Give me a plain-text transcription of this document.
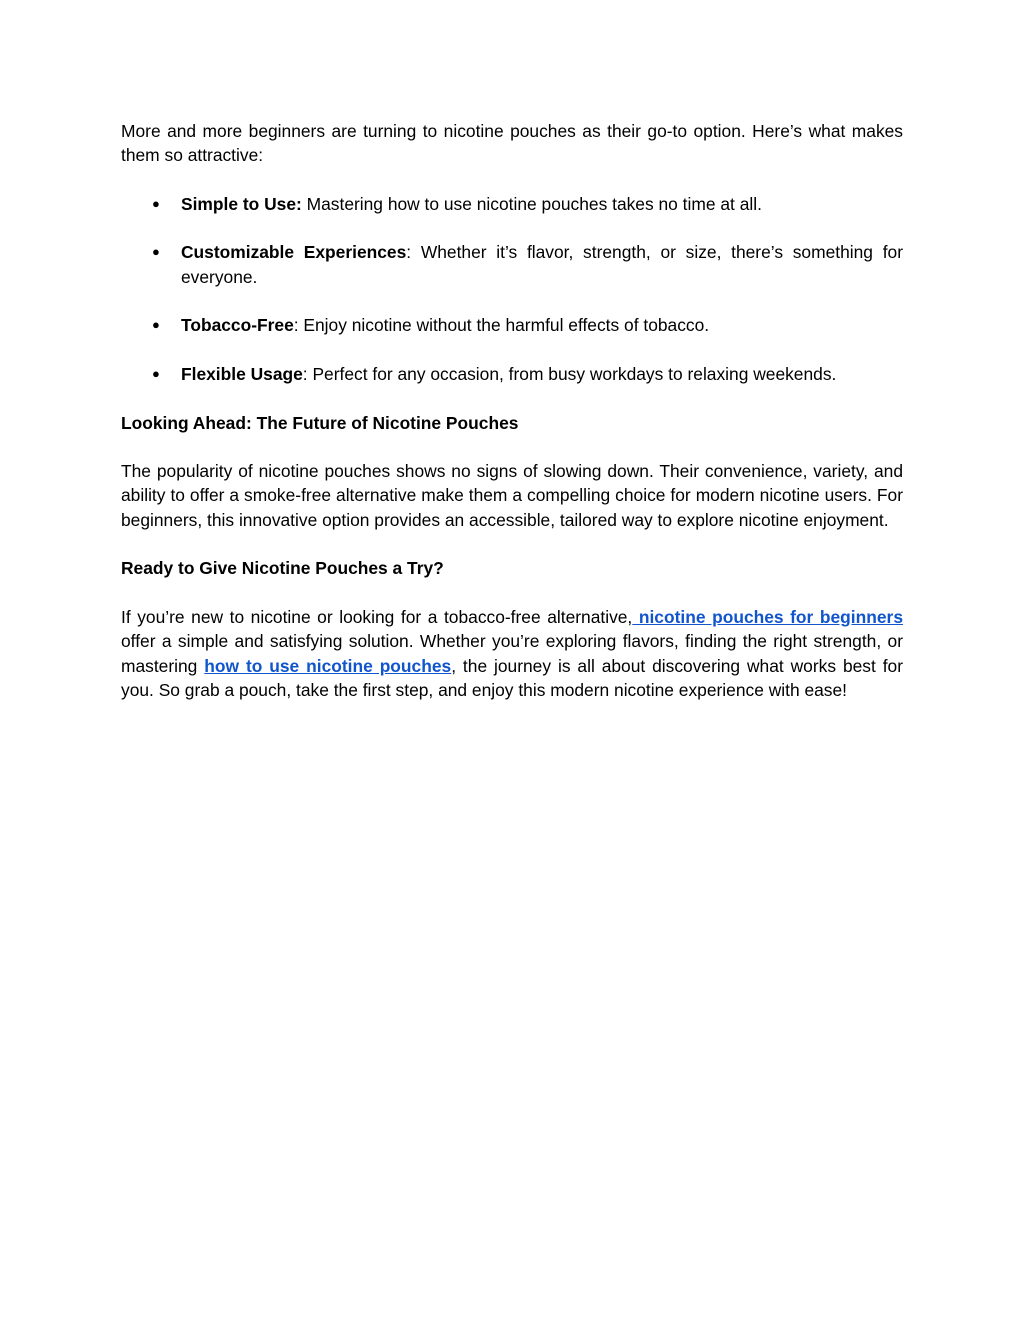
More and more beginners are turning to nicotine pouches as their go-to option. Here’s what makes them so attractive:

● Simple to Use: Mastering how to use nicotine pouches takes no time at all.
● Customizable Experiences: Whether it’s flavor, strength, or size, there’s something for everyone.
● Tobacco-Free: Enjoy nicotine without the harmful effects of tobacco.
● Flexible Usage: Perfect for any occasion, from busy workdays to relaxing weekends.

Looking Ahead: The Future of Nicotine Pouches

The popularity of nicotine pouches shows no signs of slowing down. Their convenience, variety, and ability to offer a smoke-free alternative make them a compelling choice for modern nicotine users. For beginners, this innovative option provides an accessible, tailored way to explore nicotine enjoyment.

Ready to Give Nicotine Pouches a Try?

If you’re new to nicotine or looking for a tobacco-free alternative, nicotine pouches for beginners offer a simple and satisfying solution. Whether you’re exploring flavors, finding the right strength, or mastering how to use nicotine pouches, the journey is all about discovering what works best for you. So grab a pouch, take the first step, and enjoy this modern nicotine experience with ease!
